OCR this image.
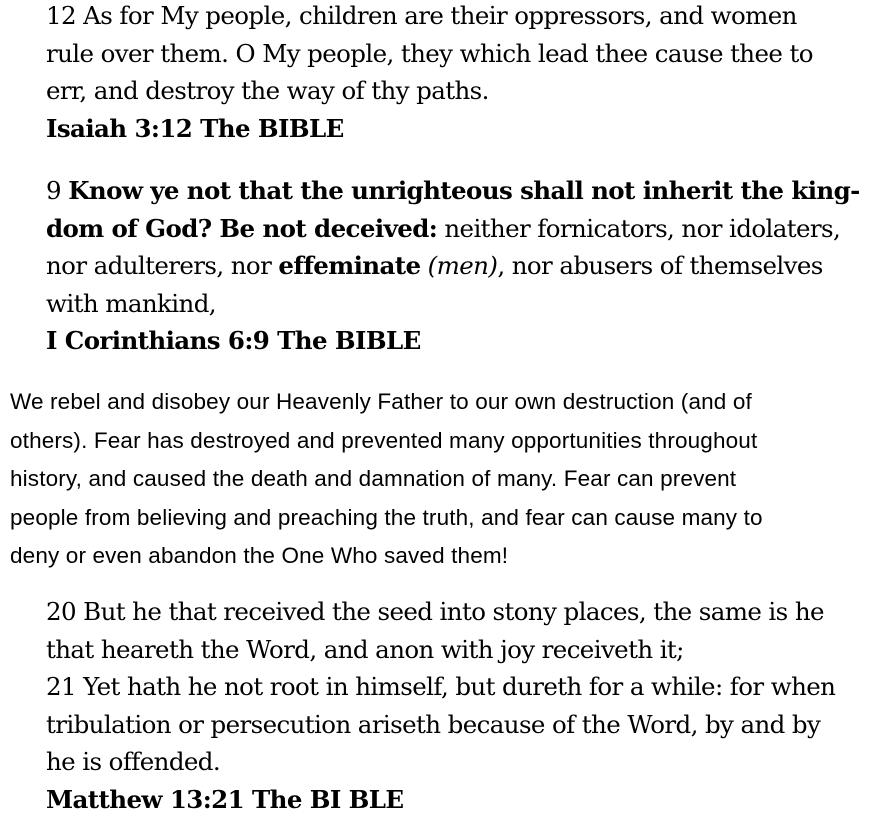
12 As for My people, children are their oppressors, and women
rule over them. O My people, they which lead thee cause thee to
err, and destroy the way of thy paths.
Isaiah 3:12 The BIBLE
9 Know ye not that the unrighteous shall not inherit the king-
dom of God? Be not deceived: neither fornicators, nor idolaters,
nor adulterers, nor effeminate (men), nor abusers of themselves
with mankind,
I Corinthians 6:9 The BIBLE
We rebel and disobey our Heavenly Father to our own destruction (and of
others). Fear has destroyed and prevented many opportunities throughout
history, and caused the death and damnation of many. Fear can prevent
people from believing and preaching the truth, and fear can cause many to
deny or even abandon the One Who saved them!
20 But he that received the seed into stony places, the same is he
that heareth the Word, and anon with joy receiveth it;
21 Yet hath he not root in himself, but dureth for a while: for when
tribulation or persecution ariseth because of the Word, by and by
he is offended.
Matthew 13:21 The BI BLE
